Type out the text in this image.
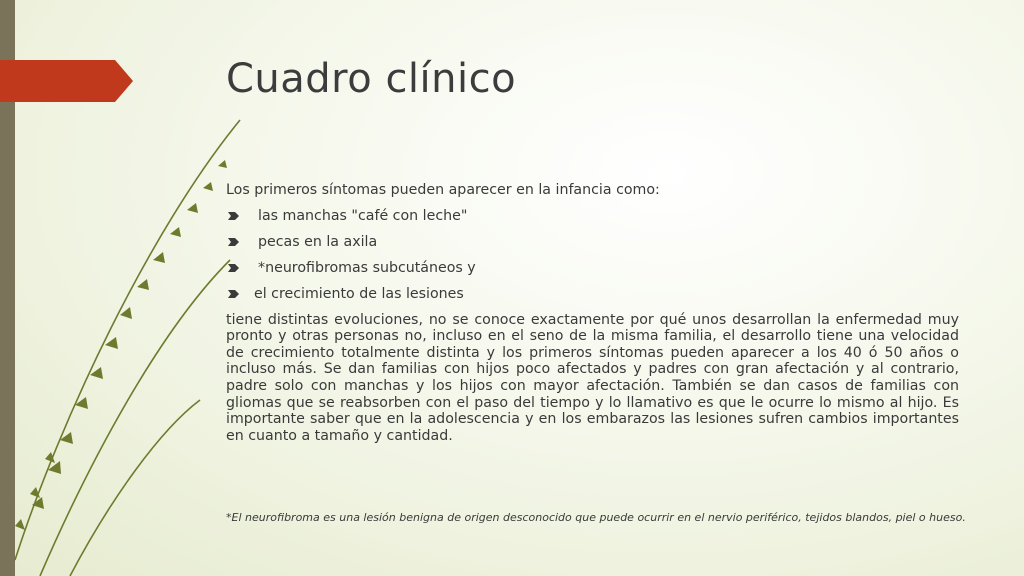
Cuadro clínico

Los primeros síntomas pueden aparecer en la infancia como:

las manchas "café con leche"
pecas en la axila
*neurofibromas subcutáneos y
el crecimiento de las lesiones

tiene distintas evoluciones, no se conoce exactamente por qué unos desarrollan la enfermedad muy pronto y otras personas no, incluso en el seno de la misma familia, el desarrollo tiene una velocidad de crecimiento totalmente distinta y los primeros síntomas pueden aparecer a los 40 ó 50 años o incluso más. Se dan familias con hijos poco afectados y padres con gran afectación y al contrario, padre solo con manchas y los hijos con mayor afectación. También se dan casos de familias con gliomas que se reabsorben con el paso del tiempo y lo llamativo es que le ocurre lo mismo al hijo. Es importante saber que en la adolescencia y en los embarazos las lesiones sufren cambios importantes en cuanto a tamaño y cantidad.

*El neurofibroma es una lesión benigna de origen desconocido que puede ocurrir en el nervio periférico, tejidos blandos, piel o hueso.
